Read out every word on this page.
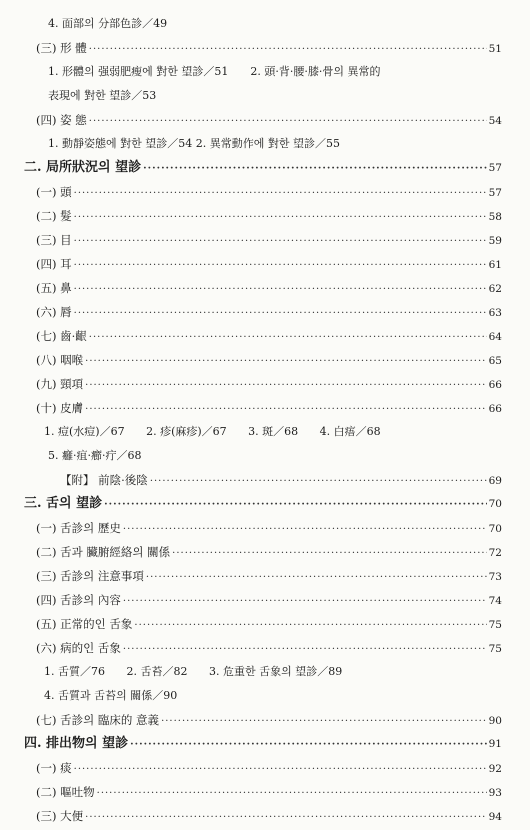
4. 面部의 分部色診／49
(三) 形 體 ·····	51
1. 形體의 强弱肥瘦에 對한 望診／51　　2. 頭·背·腰·膝·骨의 異常的
表現에 對한 望診／53
(四) 姿 態 ·····	54
1. 動靜姿態에 對한 望診／54 2. 異常動作에 對한 望診／55
二. 局所狀況의 望診 ·····	57
(一) 頭 ·····	57
(二) 髮 ·····	58
(三) 目 ·····	59
(四) 耳 ·····	61
(五) 鼻 ·····	62
(六) 脣 ·····	63
(七) 齒·齦 ·····	64
(八) 咽喉 ·····	65
(九) 頸項 ·····	66
(十) 皮膚 ·····	66
1. 痘(水痘)／67 2. 疹(麻疹)／67 3. 斑／68 4. 白痦／68
5. 癰·疽·癤·疔／68
【附】 前陰·後陰 ·····	69
三. 舌의 望診 ·····	70
(一) 舌診의 歷史 ·····	70
(二) 舌과 臟腑經絡의 關係 ·····	72
(三) 舌診의 注意事項 ·····	73
(四) 舌診의 內容 ·····	74
(五) 正常的인 舌象 ·····	75
(六) 病的인 舌象 ·····	75
1. 舌質／76 2. 舌苔／82 3. 危重한 舌象의 望診／89
4. 舌質과 舌苔의 關係／90
(七) 舌診의 臨床的 意義 ·····	90
四. 排出物의 望診 ·····	91
(一) 痰 ·····	92
(二) 嘔吐物 ·····	93
(三) 大便 ·····	94
